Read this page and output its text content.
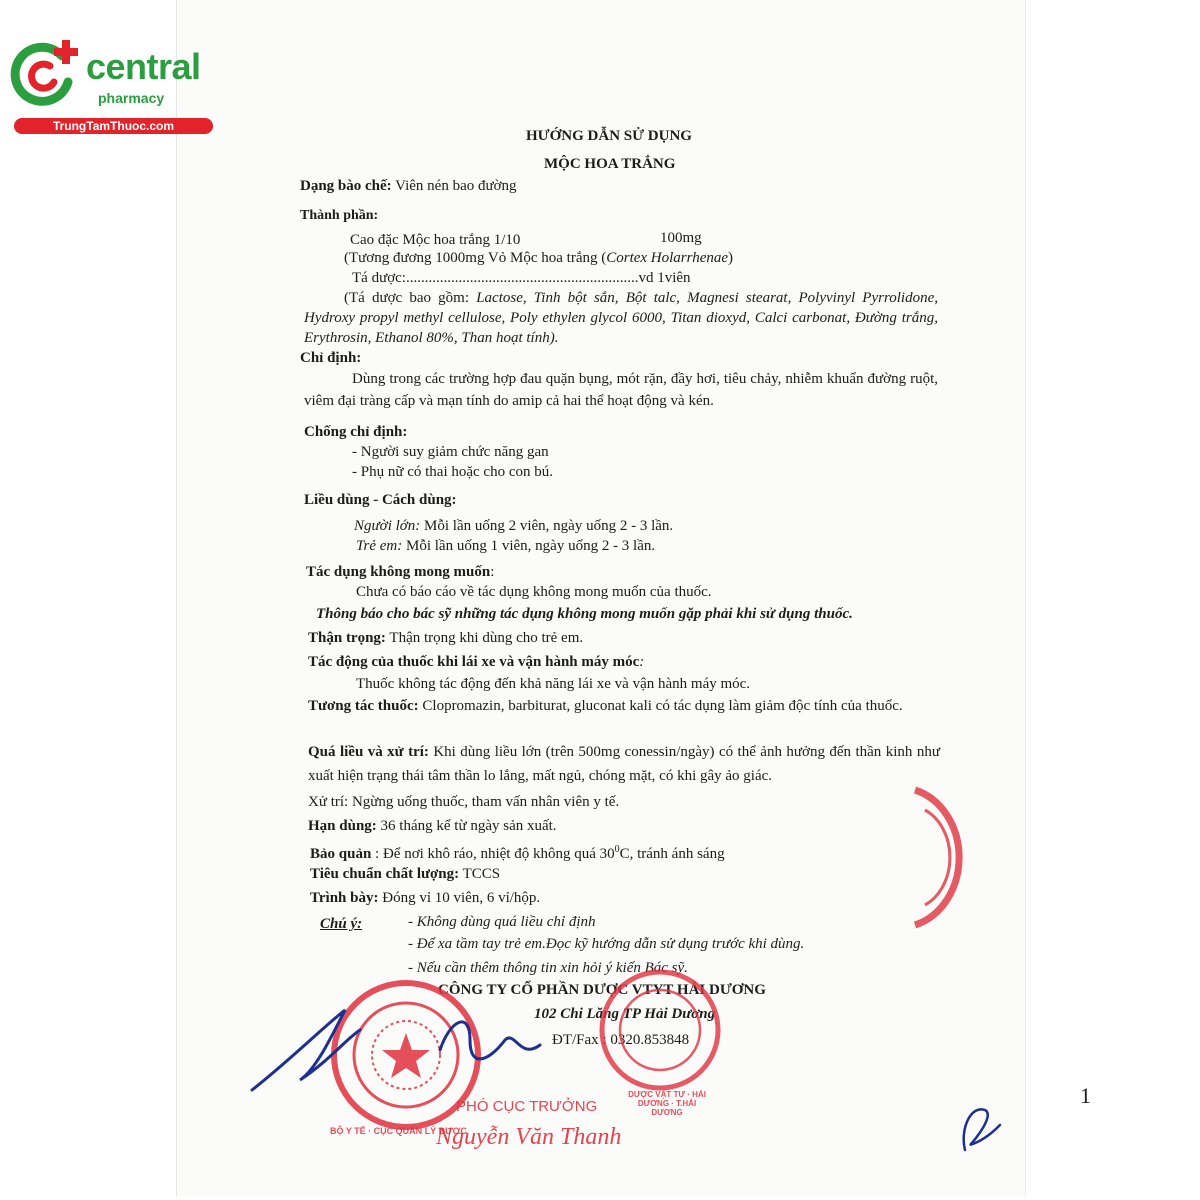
central
pharmacy
TrungTamThuoc.com
HƯỚNG DẪN SỬ DỤNG
MỘC HOA TRẮNG
Dạng bào chế: Viên nén bao đường
Thành phần:
Cao đặc Mộc hoa trắng 1/10	100mg
(Tương đương 1000mg Vỏ Mộc hoa trắng (Cortex Holarrhenae)
Tá dược:..............................................................vd 1viên
(Tá dược bao gồm: Lactose, Tinh bột sắn, Bột talc, Magnesi stearat, Polyvinyl Pyrrolidone, Hydroxy propyl methyl cellulose, Poly ethylen glycol 6000, Titan dioxyd, Calci carbonat, Đường trắng, Erythrosin, Ethanol 80%, Than hoạt tính).
Chỉ định:
Dùng trong các trường hợp đau quặn bụng, mót rặn, đầy hơi, tiêu chảy, nhiễm khuẩn đường ruột, viêm đại tràng cấp và mạn tính do amip cả hai thể hoạt động và kén.
Chống chỉ định:
- Người suy giảm chức năng gan
- Phụ nữ có thai hoặc cho con bú.
Liều dùng - Cách dùng:
Người lớn: Mỗi lần uống 2 viên, ngày uống 2 - 3 lần.
Trẻ em: Mỗi lần uống 1 viên, ngày uống 2 - 3 lần.
Tác dụng không mong muốn:
Chưa có báo cáo về tác dụng không mong muốn của thuốc.
Thông báo cho bác sỹ những tác dụng không mong muốn gặp phải khi sử dụng thuốc.
Thận trọng: Thận trọng khi dùng cho trẻ em.
Tác động của thuốc khi lái xe và vận hành máy móc:
Thuốc không tác động đến khả năng lái xe và vận hành máy móc.
Tương tác thuốc: Clopromazin, barbiturat, gluconat kali có tác dụng làm giảm độc tính của thuốc.
Quá liều và xử trí: Khi dùng liều lớn (trên 500mg conessin/ngày) có thể ảnh hưởng đến thần kinh như xuất hiện trạng thái tâm thần lo lắng, mất ngủ, chóng mặt, có khi gây ảo giác.
Xử trí: Ngừng uống thuốc, tham vấn nhân viên y tế.
Hạn dùng: 36 tháng kể từ ngày sản xuất.
Bảo quản : Để nơi khô ráo, nhiệt độ không quá $30^0C$, tránh ánh sáng
Tiêu chuẩn chất lượng: TCCS
Trình bày: Đóng vỉ 10 viên, 6 vỉ/hộp.
Chú ý:	- Không dùng quá liều chỉ định
- Để xa tầm tay trẻ em.Đọc kỹ hướng dẫn sử dụng trước khi dùng.
- Nếu cần thêm thông tin xin hỏi ý kiến Bác sỹ.
CÔNG TY CỔ PHẦN DƯỢC VTYT HẢI DƯƠNG
102 Chi Lăng TP Hải Dương
ĐT/Fax : 0320.853848
BỘ Y TẾ · CỤC QUẢN LÝ DƯỢC
DƯỢC VẬT TƯ · HẢI DƯƠNG · T.HẢI DƯƠNG
PHÓ CỤC TRƯỞNG
Nguyễn Văn Thanh
1
